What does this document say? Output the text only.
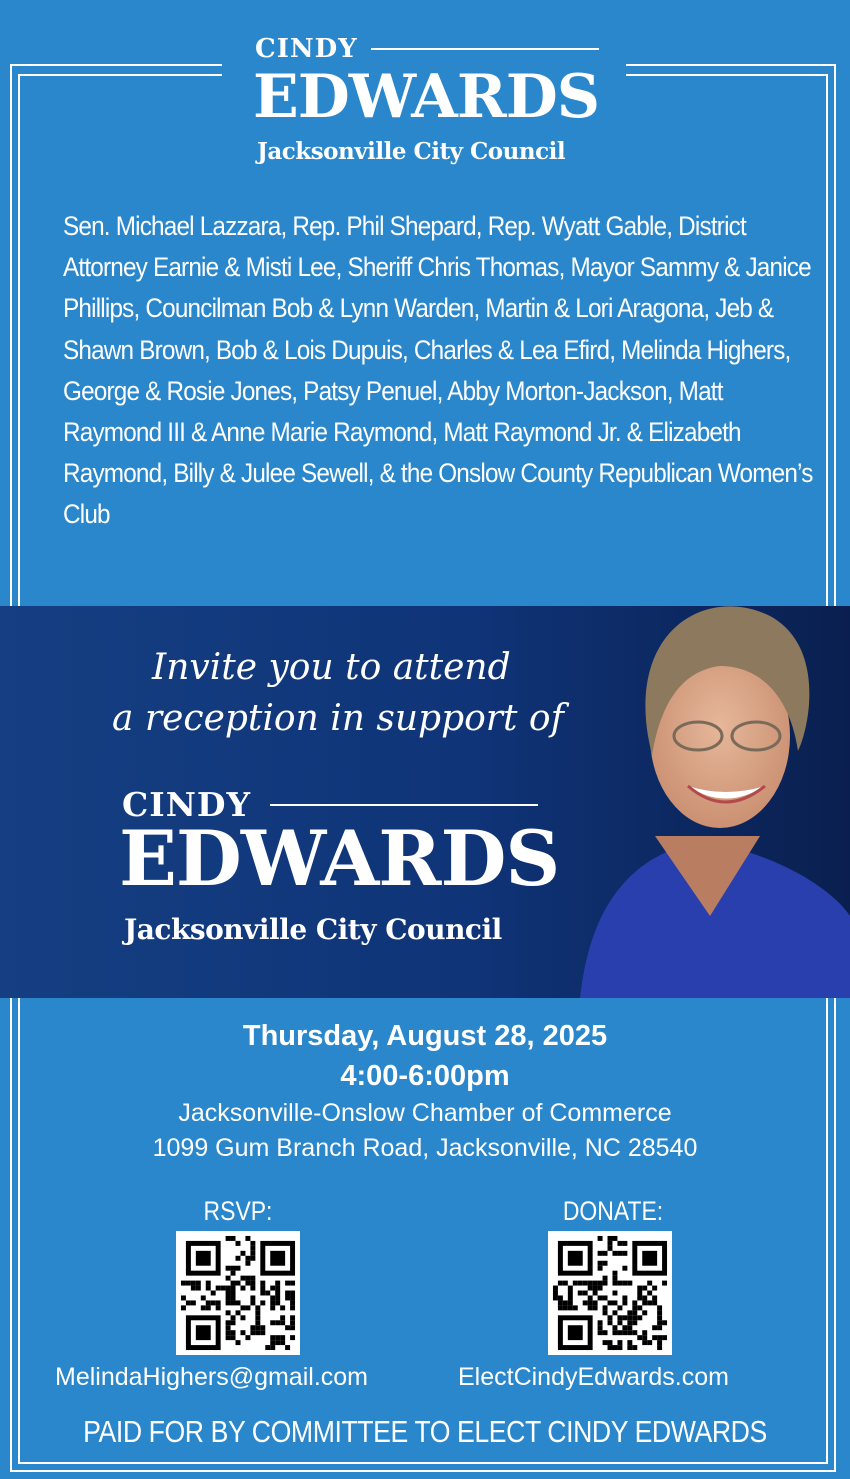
CINDY
EDWARDS
Jacksonville City Council
Sen. Michael Lazzara, Rep. Phil Shepard, Rep. Wyatt Gable, District Attorney Earnie & Misti Lee, Sheriff Chris Thomas, Mayor Sammy & Janice Phillips, Councilman Bob & Lynn Warden, Martin & Lori Aragona, Jeb & Shawn Brown, Bob & Lois Dupuis, Charles & Lea Efird, Melinda Highers, George & Rosie Jones, Patsy Penuel, Abby Morton-Jackson, Matt Raymond III & Anne Marie Raymond, Matt Raymond Jr. & Elizabeth Raymond, Billy & Julee Sewell, & the Onslow County Republican Women’s Club
Invite you to attend
a reception in support of
CINDY
EDWARDS
Jacksonville City Council
Thursday, August 28, 2025
4:00-6:00pm
Jacksonville-Onslow Chamber of Commerce
1099 Gum Branch Road, Jacksonville, NC 28540
RSVP:	DONATE:
MelindaHighers@gmail.com	ElectCindyEdwards.com
PAID FOR BY COMMITTEE TO ELECT CINDY EDWARDS
